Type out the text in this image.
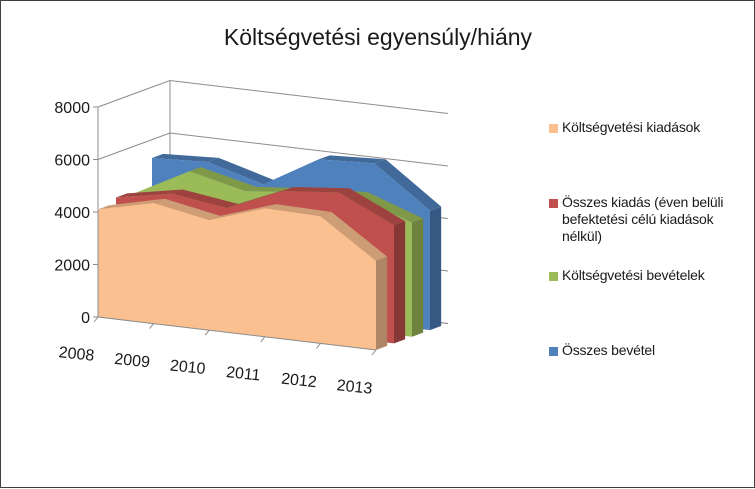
Költségvetési egyensúly/hiány
8000
6000
4000
2000
0
2008 2009 2010 2011 2012 2013
Költségvetési kiadások
Összes kiadás (éven belüli befektetési célú kiadások nélkül)
Költségvetési bevételek
Összes bevétel
